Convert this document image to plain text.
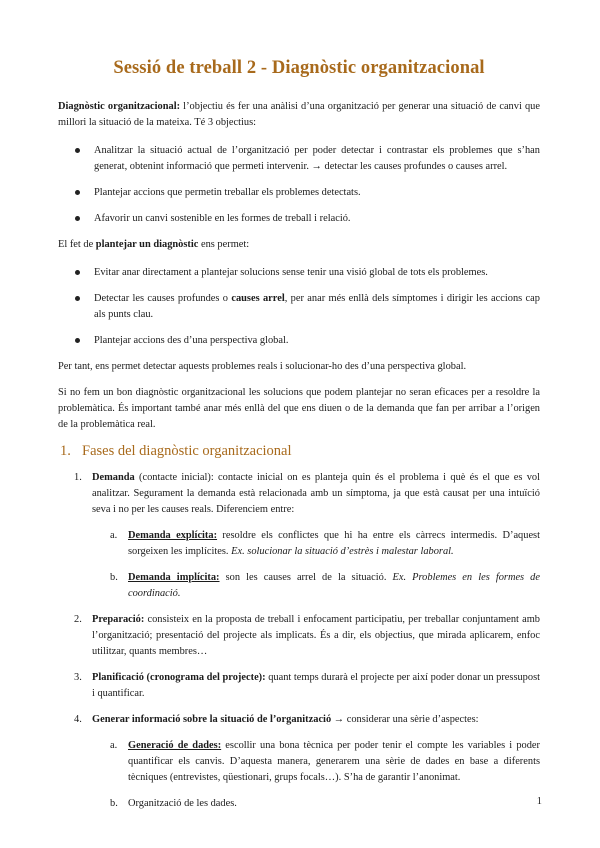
Sessió de treball 2 - Diagnòstic organitzacional

Diagnòstic organitzacional: l’objectiu és fer una anàlisi d’una organització per generar una situació de canvi que millori la situació de la mateixa. Té 3 objectius:

Analitzar la situació actual de l’organització per poder detectar i contrastar els problemes que s’han generat, obtenint informació que permeti intervenir. → detectar les causes profundes o causes arrel.

Plantejar accions que permetin treballar els problemes detectats.

Afavorir un canvi sostenible en les formes de treball i relació.

El fet de plantejar un diagnòstic ens permet:

Evitar anar directament a plantejar solucions sense tenir una visió global de tots els problemes.

Detectar les causes profundes o causes arrel, per anar més enllà dels símptomes i dirigir les accions cap als punts clau.

Plantejar accions des d’una perspectiva global.

Per tant, ens permet detectar aquests problemes reals i solucionar-ho des d’una perspectiva global.

Si no fem un bon diagnòstic organitzacional les solucions que podem plantejar no seran eficaces per a resoldre la problemàtica. És important també anar més enllà del que ens diuen o de la demanda que fan per arribar a l’origen de la problemàtica real.

1. Fases del diagnòstic organitzacional
1. Demanda (contacte inicial): contacte inicial on es planteja quin és el problema i què és el que es vol analitzar. Segurament la demanda està relacionada amb un símptoma, ja que està causat per una intuïció seva i no per les causes reals. Diferenciem entre:

a. Demanda explícita: resoldre els conflictes que hi ha entre els càrrecs intermedis. D’aquest sorgeixen les implícites. Ex. solucionar la situació d’estrès i malestar laboral.

b. Demanda implícita: son les causes arrel de la situació. Ex. Problemes en les formes de coordinació.

2. Preparació: consisteix en la proposta de treball i enfocament participatiu, per treballar conjuntament amb l’organització; presentació del projecte als implicats. És a dir, els objectius, que mirada aplicarem, enfoc utilitzar, quants membres…

3. Planificació (cronograma del projecte): quant temps durarà el projecte per així poder donar un pressupost i quantificar.

4. Generar informació sobre la situació de l’organització → considerar una sèrie d’aspectes:

a. Generació de dades: escollir una bona tècnica per poder tenir el compte les variables i poder quantificar els canvis. D’aquesta manera, generarem una sèrie de dades en base a diferents tècniques (entrevistes, qüestionari, grups focals…). S’ha de garantir l’anonimat.

b. Organització de les dades.	1
